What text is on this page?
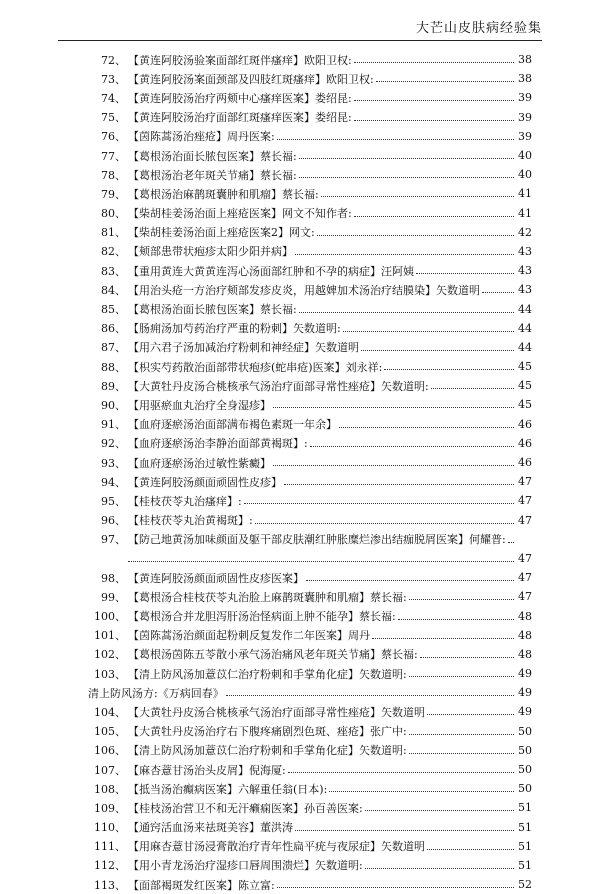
大芒山皮肤病经验集
72、 【黄连阿胶汤验案面部红斑伴瘙痒】欧阳卫权:	38
73、 【黄连阿胶汤案面颈部及四肢红斑瘙痒】欧阳卫权:	38
74、 【黄连阿胶汤治疗两颊中心瘙痒医案】娄绍昆:	39
75、 【黄连阿胶汤治疗面部红斑瘙痒医案】娄绍昆:	39
76、 【茵陈蒿汤治痤疮】周丹医案:	39
77、 【葛根汤治面长脓包医案】蔡长福:	40
78、 【葛根汤治老年斑关节痛】蔡长福:	40
79、 【葛根汤治麻鹊斑囊肿和肌瘤】蔡长福:	41
80、 【柴胡桂姜汤治面上痤疮医案】网文不知作者:	41
81、 【柴胡桂姜汤治面上痤疮医案2】网文:	42
82、 【颊部患带状疱疹太阳少阳并病】	43
83、 【重用黄连大黄黄连泻心汤面部红肿和不孕的病症】汪阿姨	43
84、 【用治头疮一方治疗颊部发疹皮炎，用越婢加术汤治疗结膜染】矢数道明	43
85、 【葛根汤治面长脓包医案】蔡长福:	44
86、 【肠痈汤加芍药治疗严重的粉刺】矢数道明:	44
87、 【用六君子汤加减治疗粉刺和神经症】矢数道明	44
88、 【枳实芍药散治面部带状疱疹(蛇串疮)医案】刘永祥:	45
89、 【大黄牡丹皮汤合桃核承气汤治疗面部寻常性痤疮】矢数道明:	45
90、 【用驱瘀血丸治疗全身湿疹】	45
91、 【血府逐瘀汤治面部满布褐色素斑一年余】	46
92、 【血府逐瘀汤治李静治面部黄褐斑】:	46
93、 【血府逐瘀汤治过敏性紫癜】	46
94、 【黄连阿胶汤颜面顽固性皮疹】	47
95、 【桂枝茯苓丸治瘙痒】:	47
96、 【桂枝茯苓丸治黄褐斑】:	47
97、 【防己地黄汤加味颜面及躯干部皮肤潮红肿胀糜烂渗出结痂脱屑医案】何耀普:
47
98、 【黄连阿胶汤颜面顽固性皮疹医案】	47
99、 【葛根汤合桂枝茯苓丸治脸上麻鹊斑囊肿和肌瘤】蔡长福:	47
100、 【葛根汤合并龙胆泻肝汤治怪病面上肿不能孕】蔡长福:	48
101、 【茵陈蒿汤治颜面起粉刺反复发作二年医案】周丹	48
102、 【葛根汤茵陈五苓散小承气汤治痛风老年斑关节痛】蔡长福:	48
103、 【清上防风汤加薏苡仁治疗粉刺和手掌角化症】矢数道明:	49
清上防风汤方:《万病回春》	49
104、 【大黄牡丹皮汤合桃核承气汤治疗面部寻常性痤疮】矢数道明	49
105、 【大黄牡丹皮汤治疗右下腹疼痛剧烈色斑、痤疮】张广中:	50
106、 【清上防风汤加薏苡仁治疗粉刺和手掌角化症】矢数道明:	50
107、 【麻杏薏甘汤治头皮屑】倪海厦:	50
108、 【抵当汤治癫病医案】六解重任翁(日本):	50
109、 【桂枝汤治营卫不和无汗癞痫医案】孙百善医案:	51
110、 【通窍活血汤来祛斑美容】董洪涛	51
111、 【用麻杏薏甘汤浸膏散治疗青年性扁平疣与夜尿症】矢数道明	51
112、 【用小青龙汤治疗湿疹口唇周围溃烂】矢数道明:	51
113、 【面部褐斑发红医案】陈立富:	52
